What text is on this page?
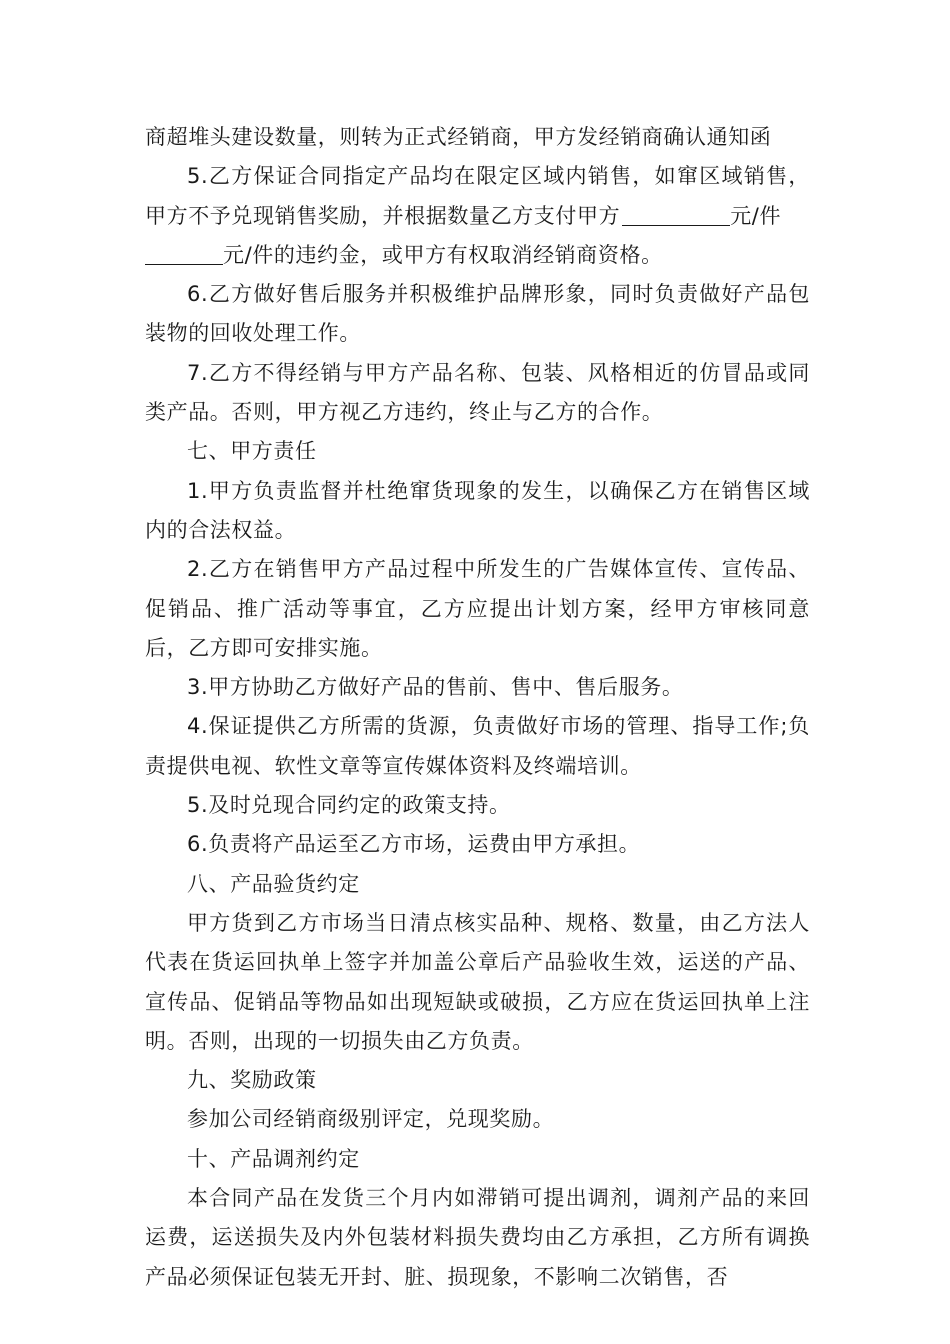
商超堆头建设数量，则转为正式经销商，甲方发经销商确认通知函

5.乙方保证合同指定产品均在限定区域内销售，如窜区域销售，甲方不予兑现销售奖励，并根据数量乙方支付甲方	元/件
元/件的违约金，或甲方有权取消经销商资格。

6.乙方做好售后服务并积极维护品牌形象，同时负责做好产品包装物的回收处理工作。

7.乙方不得经销与甲方产品名称、包装、风格相近的仿冒品或同类产品。否则，甲方视乙方违约，终止与乙方的合作。

七、甲方责任

1.甲方负责监督并杜绝窜货现象的发生，以确保乙方在销售区域内的合法权益。

2.乙方在销售甲方产品过程中所发生的广告媒体宣传、宣传品、促销品、推广活动等事宜，乙方应提出计划方案，经甲方审核同意后，乙方即可安排实施。

3.甲方协助乙方做好产品的售前、售中、售后服务。

4.保证提供乙方所需的货源，负责做好市场的管理、指导工作;负责提供电视、软性文章等宣传媒体资料及终端培训。

5.及时兑现合同约定的政策支持。

6.负责将产品运至乙方市场，运费由甲方承担。

八、产品验货约定

甲方货到乙方市场当日清点核实品种、规格、数量，由乙方法人代表在货运回执单上签字并加盖公章后产品验收生效，运送的产品、宣传品、促销品等物品如出现短缺或破损，乙方应在货运回执单上注明。否则，出现的一切损失由乙方负责。

九、奖励政策

参加公司经销商级别评定，兑现奖励。

十、产品调剂约定

本合同产品在发货三个月内如滞销可提出调剂，调剂产品的来回运费，运送损失及内外包装材料损失费均由乙方承担，乙方所有调换产品必须保证包装无开封、脏、损现象，不影响二次销售，否
